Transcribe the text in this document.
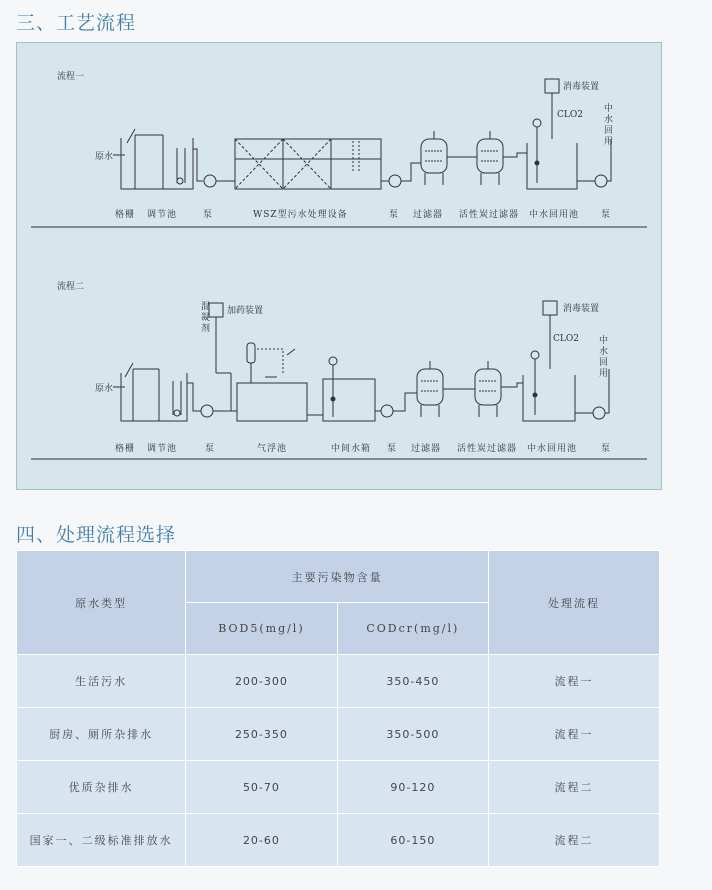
三、工艺流程
流程一
原水
消毒装置
CLO2
中水回用
格栅 调节池	泵	WSZ型污水处理设备	泵 过滤器 活性炭过滤器 中水回用池 泵
流程二
原水
加药装置
混凝剂
消毒装置
CLO2 中水回用
格栅 调节池	泵	气浮池	中间水箱 泵 过滤器 活性炭过滤器 中水回用池	泵
四、处理流程选择
原水类型	主要污染物含量		处理流程
	BOD5(mg/l)	CODcr(mg/l)	
生活污水	200-300	350-450	流程一
厨房、厕所杂排水	250-350	350-500	流程一
优质杂排水	50-70	90-120	流程二
国家一、二级标准排放水	20-60	60-150	流程二
